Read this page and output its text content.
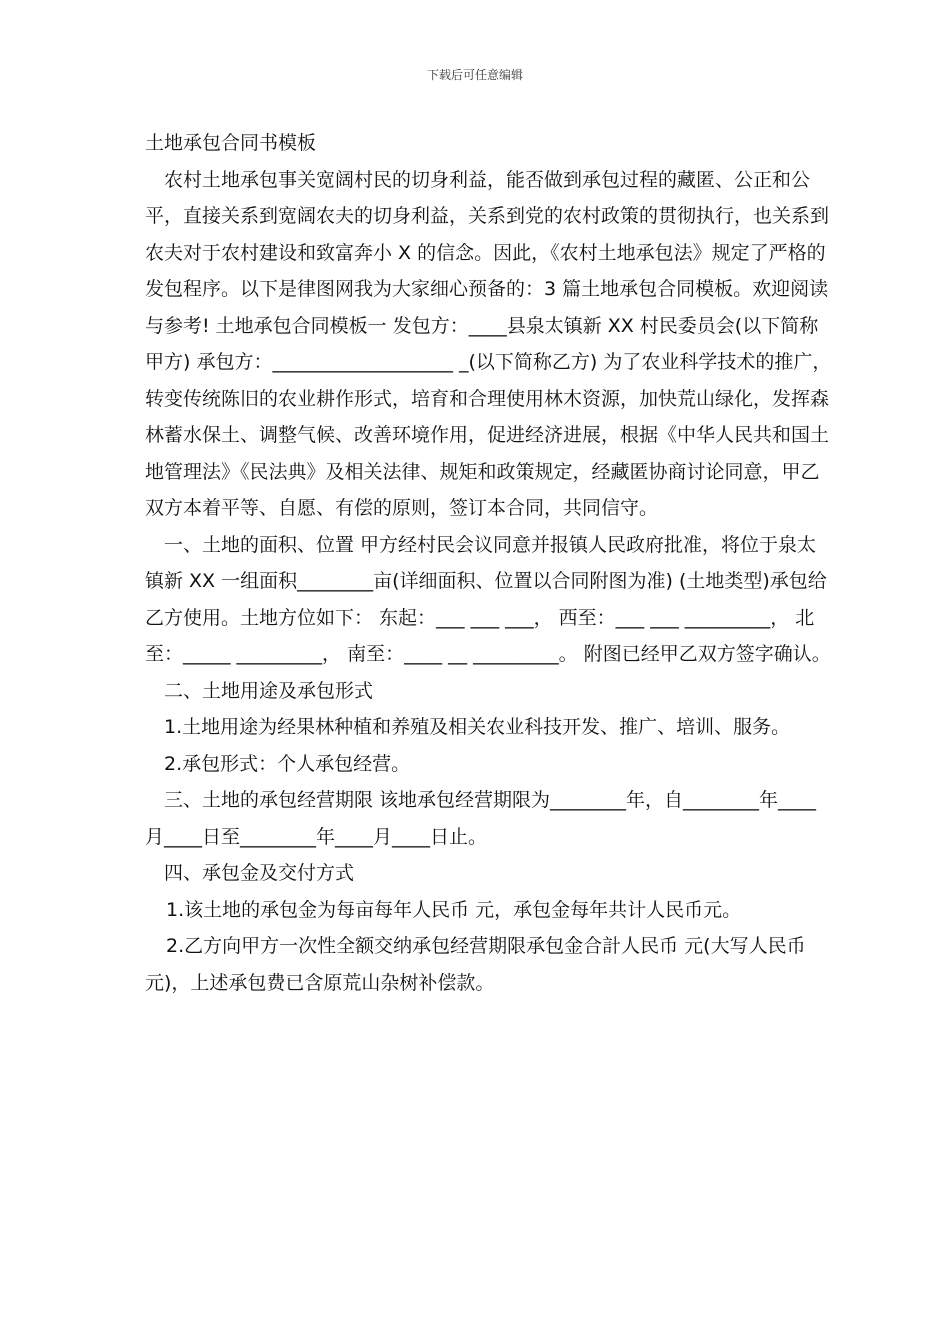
下载后可任意编辑
土地承包合同书模板

农村土地承包事关宽阔村民的切身利益，能否做到承包过程的藏匿、公正和公平，直接关系到宽阔农夫的切身利益，关系到党的农村政策的贯彻执行，也关系到农夫对于农村建设和致富奔小 X 的信念。因此，《农村土地承包法》规定了严格的发包程序。以下是律图网我为大家细心预备的：3 篇土地承包合同模板。欢迎阅读与参考! 土地承包合同模板一 发包方：____县泉太镇新 XX 村民委员会(以下简称甲方) 承包方：___________________ _(以下简称乙方) 为了农业科学技术的推广，转变传统陈旧的农业耕作形式，培育和合理使用林木资源，加快荒山绿化，发挥森林蓄水保土、调整气候、改善环境作用，促进经济进展，根据《中华人民共和国土地管理法》《民法典》及相关法律、规矩和政策规定，经藏匿协商讨论同意，甲乙双方本着平等、自愿、有偿的原则，签订本合同，共同信守。

一、土地的面积、位置 甲方经村民会议同意并报镇人民政府批准，将位于泉太镇新 XX 一组面积________亩(详细面积、位置以合同附图为准) (土地类型)承包给乙方使用。土地方位如下： 东起：___ ___ ___， 西至：___ ___ _________， 北至：_____ _________， 南至：____ __ _________。 附图已经甲乙双方签字确认。

二、土地用途及承包形式

1.土地用途为经果林种植和养殖及相关农业科技开发、推广、培训、服务。

2.承包形式：个人承包经营。

三、土地的承包经营期限 该地承包经营期限为________年，自________年____月____日至________年____月____日止。

四、承包金及交付方式

1.该土地的承包金为每亩每年人民币 元，承包金每年共计人民币元。

2.乙方向甲方一次性全额交纳承包经营期限承包金合計人民币 元(大写人民币 元)，上述承包费已含原荒山杂树补偿款。
